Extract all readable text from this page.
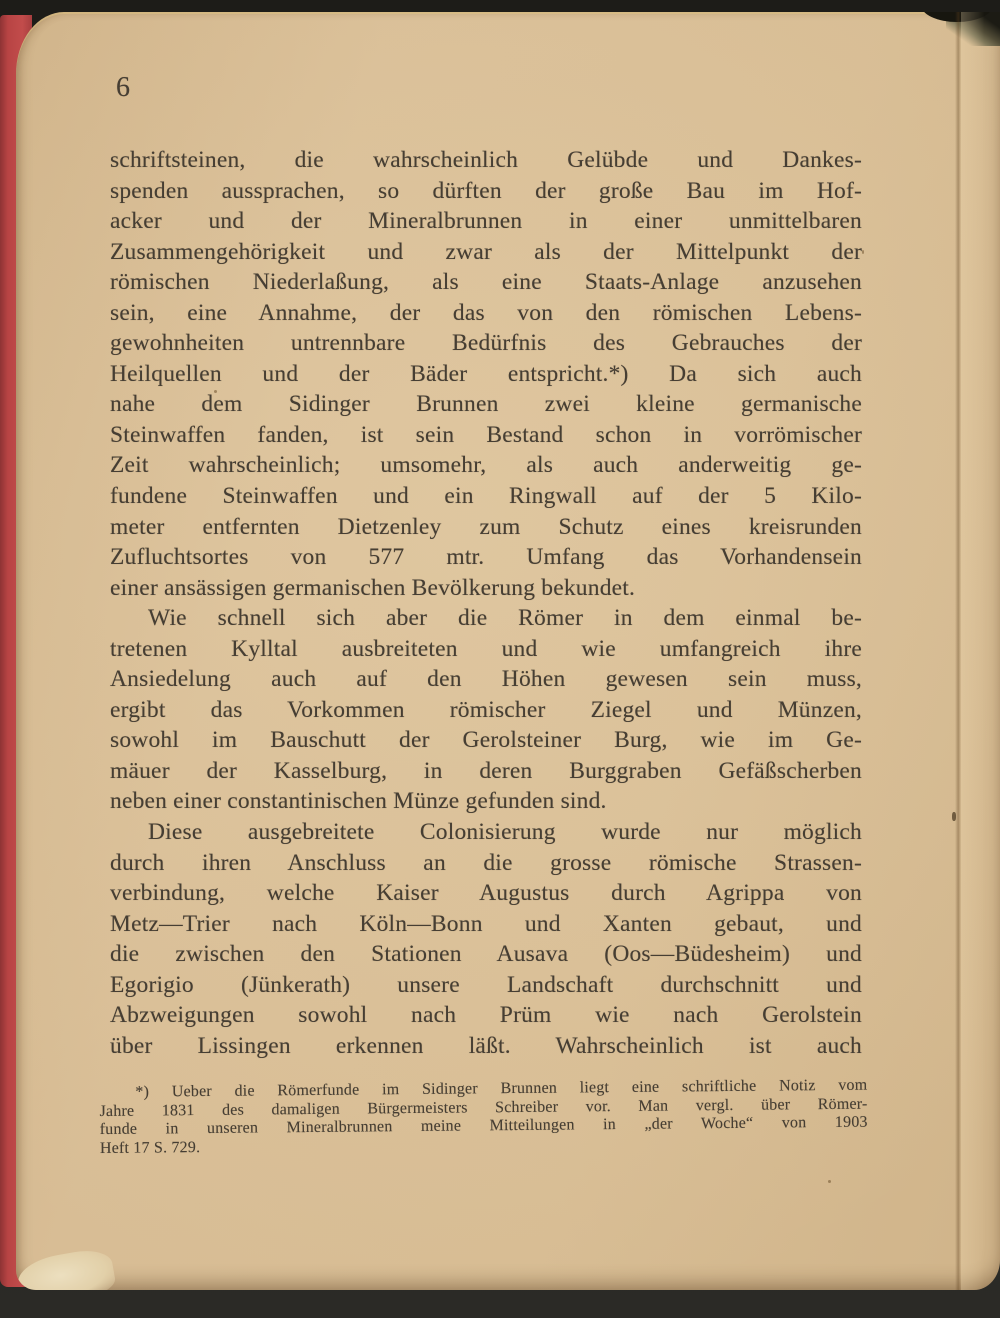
6
schriftsteinen, die wahrscheinlich Gelübde und Dankes-
spenden aussprachen, so dürften der große Bau im Hof-
acker und der Mineralbrunnen in einer unmittelbaren
Zusammengehörigkeit und zwar als der Mittelpunkt der
römischen Niederlaßung, als eine Staats-Anlage anzusehen
sein, eine Annahme, der das von den römischen Lebens-
gewohnheiten untrennbare Bedürfnis des Gebrauches der
Heilquellen und der Bäder entspricht.*) Da sich auch
nahe dem Sidinger Brunnen zwei kleine germanische
Steinwaffen fanden, ist sein Bestand schon in vorrömischer
Zeit wahrscheinlich; umsomehr, als auch anderweitig ge-
fundene Steinwaffen und ein Ringwall auf der 5 Kilo-
meter entfernten Dietzenley zum Schutz eines kreisrunden
Zufluchtsortes von 577 mtr. Umfang das Vorhandensein
einer ansässigen germanischen Bevölkerung bekundet.
Wie schnell sich aber die Römer in dem einmal be-
tretenen Kylltal ausbreiteten und wie umfangreich ihre
Ansiedelung auch auf den Höhen gewesen sein muss,
ergibt das Vorkommen römischer Ziegel und Münzen,
sowohl im Bauschutt der Gerolsteiner Burg, wie im Ge-
mäuer der Kasselburg, in deren Burggraben Gefäßscherben
neben einer constantinischen Münze gefunden sind.
Diese ausgebreitete Colonisierung wurde nur möglich
durch ihren Anschluss an die grosse römische Strassen-
verbindung, welche Kaiser Augustus durch Agrippa von
Metz—Trier nach Köln—Bonn und Xanten gebaut, und
die zwischen den Stationen Ausava (Oos—Büdesheim) und
Egorigio (Jünkerath) unsere Landschaft durchschnitt und
Abzweigungen sowohl nach Prüm wie nach Gerolstein
über Lissingen erkennen läßt. Wahrscheinlich ist auch
*) Ueber die Römerfunde im Sidinger Brunnen liegt eine schriftliche Notiz vom
Jahre 1831 des damaligen Bürgermeisters Schreiber vor. Man vergl. über Römer-
funde in unseren Mineralbrunnen meine Mitteilungen in „der Woche“ von 1903
Heft 17 S. 729.
